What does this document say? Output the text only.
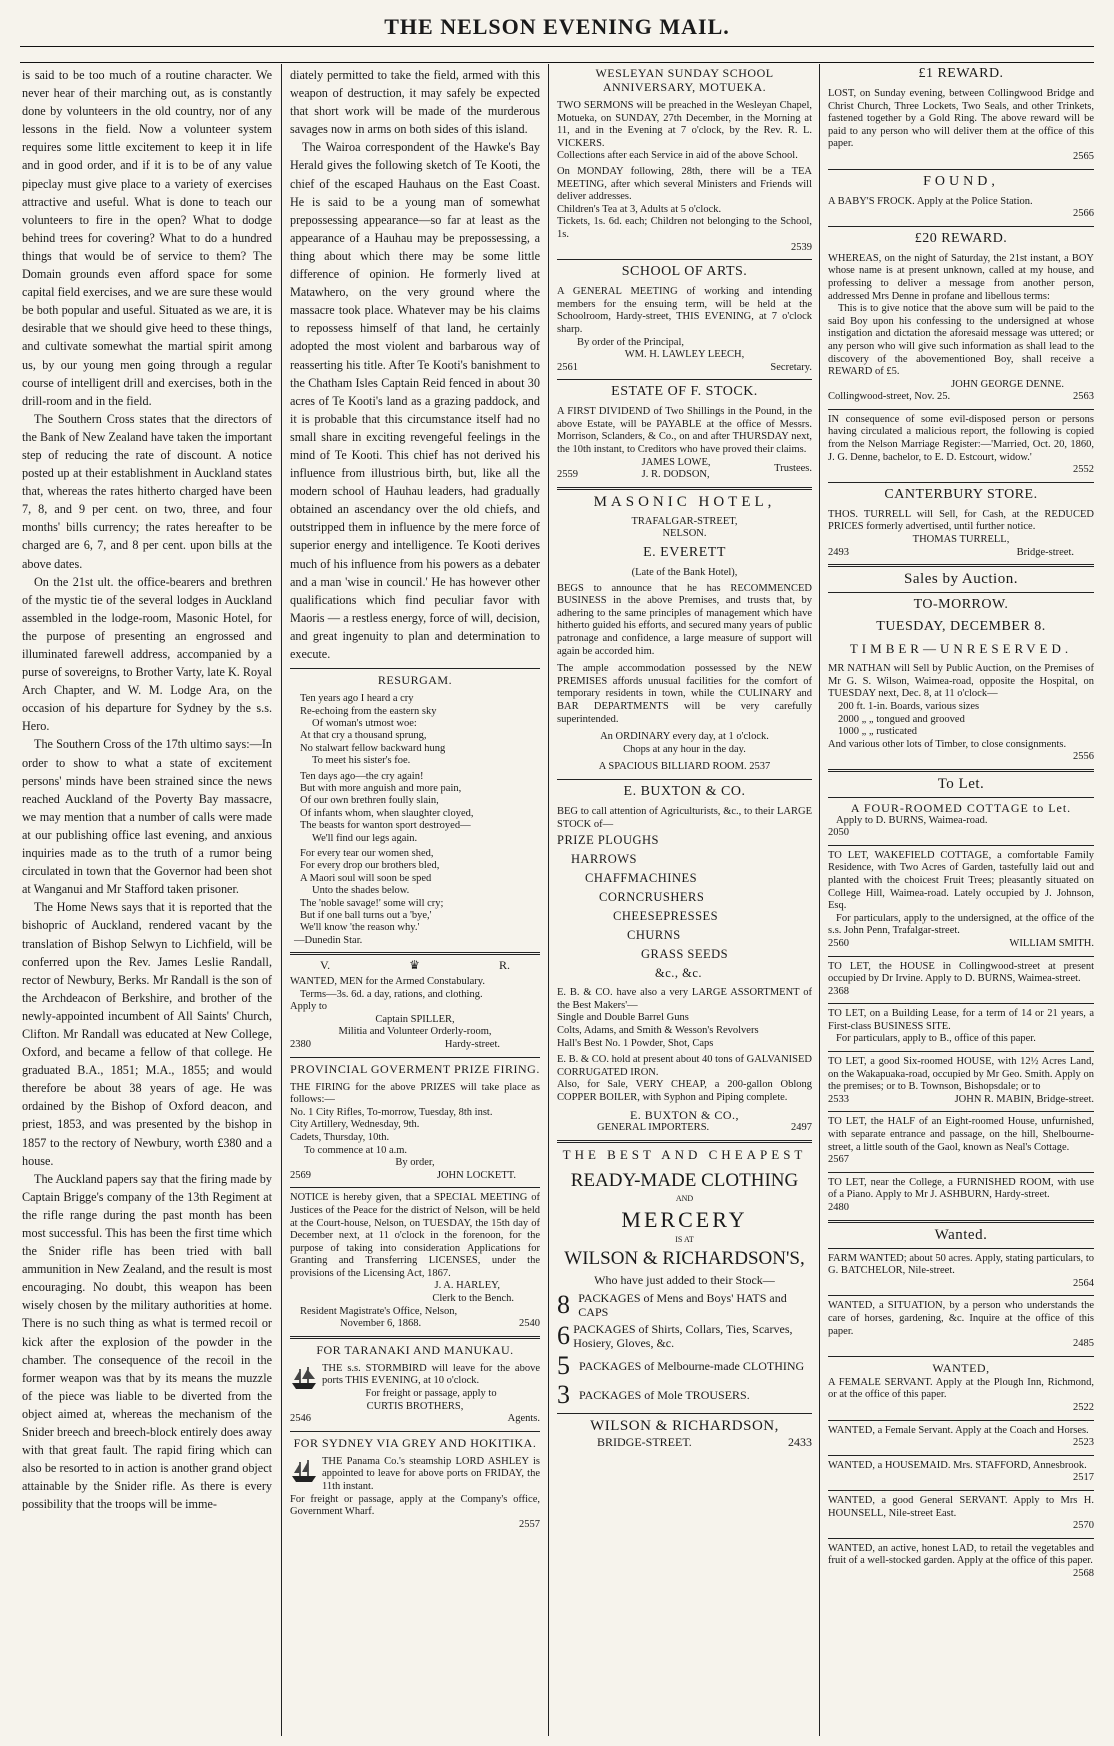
THE NELSON EVENING MAIL.

is said to be too much of a routine character. We never hear of their marching out, as is constantly done by volunteers in the old country, nor of any lessons in the field. Now a volunteer system requires some little excitement to keep it in life and in good order, and if it is to be of any value pipeclay must give place to a variety of exercises attractive and useful. What is done to teach our volunteers to fire in the open? What to dodge behind trees for covering? What to do a hundred things that would be of service to them? The Domain grounds even afford space for some capital field exercises, and we are sure these would be both popular and useful. Situated as we are, it is desirable that we should give heed to these things, and cultivate somewhat the martial spirit among us, by our young men going through a regular course of intelligent drill and exercises, both in the drill-room and in the field.

The Southern Cross states that the directors of the Bank of New Zealand have taken the important step of reducing the rate of discount. A notice posted up at their establishment in Auckland states that, whereas the rates hitherto charged have been 7, 8, and 9 per cent. on two, three, and four months' bills currency; the rates hereafter to be charged are 6, 7, and 8 per cent. upon bills at the above dates.

On the 21st ult. the office-bearers and brethren of the mystic tie of the several lodges in Auckland assembled in the lodge-room, Masonic Hotel, for the purpose of presenting an engrossed and illuminated farewell address, accompanied by a purse of sovereigns, to Brother Varty, late K. Royal Arch Chapter, and W. M. Lodge Ara, on the occasion of his departure for Sydney by the s.s. Hero.

The Southern Cross of the 17th ultimo says:—In order to show to what a state of excitement persons' minds have been strained since the news reached Auckland of the Poverty Bay massacre, we may mention that a number of calls were made at our publishing office last evening, and anxious inquiries made as to the truth of a rumor being circulated in town that the Governor had been shot at Wanganui and Mr Stafford taken prisoner.

The Home News says that it is reported that the bishopric of Auckland, rendered vacant by the translation of Bishop Selwyn to Lichfield, will be conferred upon the Rev. James Leslie Randall, rector of Newbury, Berks. Mr Randall is the son of the Archdeacon of Berkshire, and brother of the newly-appointed incumbent of All Saints' Church, Clifton. Mr Randall was educated at New College, Oxford, and became a fellow of that college. He graduated B.A., 1851; M.A., 1855; and would therefore be about 38 years of age. He was ordained by the Bishop of Oxford deacon, and priest, 1853, and was presented by the bishop in 1857 to the rectory of Newbury, worth £380 and a house.

The Auckland papers say that the firing made by Captain Brigge's company of the 13th Regiment at the rifle range during the past month has been most successful. This has been the first time which the Snider rifle has been tried with ball ammunition in New Zealand, and the result is most encouraging. No doubt, this weapon has been wisely chosen by the military authorities at home. There is no such thing as what is termed recoil or kick after the explosion of the powder in the chamber. The consequence of the recoil in the former weapon was that by its means the muzzle of the piece was liable to be diverted from the object aimed at, whereas the mechanism of the Snider breech and breech-block entirely does away with that great fault. The rapid firing which can also be resorted to in action is another grand object attainable by the Snider rifle. As there is every possibility that the troops will be imme-

diately permitted to take the field, armed with this weapon of destruction, it may safely be expected that short work will be made of the murderous savages now in arms on both sides of this island.

The Wairoa correspondent of the Hawke's Bay Herald gives the following sketch of Te Kooti, the chief of the escaped Hauhaus on the East Coast. He is said to be a young man of somewhat prepossessing appearance—so far at least as the appearance of a Hauhau may be prepossessing, a thing about which there may be some little difference of opinion. He formerly lived at Matawhero, on the very ground where the massacre took place. Whatever may be his claims to repossess himself of that land, he certainly adopted the most violent and barbarous way of reasserting his title. After Te Kooti's banishment to the Chatham Isles Captain Reid fenced in about 30 acres of Te Kooti's land as a grazing paddock, and it is probable that this circumstance itself had no small share in exciting revengeful feelings in the mind of Te Kooti. This chief has not derived his influence from illustrious birth, but, like all the modern school of Hauhau leaders, had gradually obtained an ascendancy over the old chiefs, and outstripped them in influence by the mere force of superior energy and intelligence. Te Kooti derives much of his influence from his powers as a debater and a man 'wise in council.' He has however other qualifications which find peculiar favor with Maoris — a restless energy, force of will, decision, and great ingenuity to plan and determination to execute.

RESURGAM.
Ten years ago I heard a cry
Re-echoing from the eastern sky
Of woman's utmost woe:
At that cry a thousand sprung,
No stalwart fellow backward hung
To meet his sister's foe.
Ten days ago—the cry again!
But with more anguish and more pain,
Of our own brethren foully slain,
Of infants whom, when slaughter cloyed,
The beasts for wanton sport destroyed—
We'll find our legs again.
For every tear our women shed,
For every drop our brothers bled,
A Maori soul will soon be sped
Unto the shades below.
The 'noble savage!' some will cry;
But if one ball turns out a 'bye,'
We'll know 'the reason why.'
—Dunedin Star.
V.	♛	R.

WANTED, MEN for the Armed Constabulary.

Terms—3s. 6d. a day, rations, and clothing.

Apply to

Captain SPILLER,
Militia and Volunteer Orderly-room,
2380	Hardy-street.
PROVINCIAL GOVERMENT PRIZE FIRING.

THE FIRING for the above PRIZES will take place as follows:—

No. 1 City Rifles, To-morrow, Tuesday, 8th inst.
City Artillery, Wednesday, 9th.
Cadets, Thursday, 10th.
To commence at 10 a.m.
By order,
2569	JOHN LOCKETT.

NOTICE is hereby given, that a SPECIAL MEETING of Justices of the Peace for the district of Nelson, will be held at the Court-house, Nelson, on TUESDAY, the 15th day of December next, at 11 o'clock in the forenoon, for the purpose of taking into consideration Applications for Granting and Transferring LICENSES, under the provisions of the Licensing Act, 1867.

J. A. HARLEY,
Clerk to the Bench.
Resident Magistrate's Office, Nelson,
November 6, 1868.	2540
FOR TARANAKI AND MANUKAU.

THE s.s. STORMBIRD will leave for the above ports THIS EVENING, at 10 o'clock.

For freight or passage, apply to
CURTIS BROTHERS,
2546	Agents.
FOR SYDNEY VIA GREY AND HOKITIKA.

THE Panama Co.'s steamship LORD ASHLEY is appointed to leave for above ports on FRIDAY, the 11th instant.

For freight or passage, apply at the Company's office, Government Wharf.

2557
WESLEYAN SUNDAY SCHOOL ANNIVERSARY, MOTUEKA.

TWO SERMONS will be preached in the Wesleyan Chapel, Motueka, on SUNDAY, 27th December, in the Morning at 11, and in the Evening at 7 o'clock, by the Rev. R. L. VICKERS.

Collections after each Service in aid of the above School.

On MONDAY following, 28th, there will be a TEA MEETING, after which several Ministers and Friends will deliver addresses.

Children's Tea at 3, Adults at 5 o'clock.

Tickets, 1s. 6d. each; Children not belonging to the School, 1s.

2539
SCHOOL OF ARTS.

A GENERAL MEETING of working and intending members for the ensuing term, will be held at the Schoolroom, Hardy-street, THIS EVENING, at 7 o'clock sharp.

By order of the Principal,
WM. H. LAWLEY LEECH,
2561	Secretary.
ESTATE OF F. STOCK.

A FIRST DIVIDEND of Two Shillings in the Pound, in the above Estate, will be PAYABLE at the office of Messrs. Morrison, Sclanders, & Co., on and after THURSDAY next, the 10th instant, to Creditors who have proved their claims.

2559
JAMES LOWE,
J. R. DODSON,
Trustees.
MASONIC HOTEL,
TRAFALGAR-STREET,
NELSON.
E. EVERETT
(Late of the Bank Hotel),

BEGS to announce that he has RECOMMENCED BUSINESS in the above Premises, and trusts that, by adhering to the same principles of management which have hitherto guided his efforts, and secured many years of public patronage and confidence, a large measure of support will again be accorded him.

The ample accommodation possessed by the NEW PREMISES affords unusual facilities for the comfort of temporary residents in town, while the CULINARY and BAR DEPARTMENTS will be very carefully superintended.

An ORDINARY every day, at 1 o'clock.
Chops at any hour in the day.
A SPACIOUS BILLIARD ROOM. 2537
E. BUXTON & CO.

BEG to call attention of Agriculturists, &c., to their LARGE STOCK of—

PRIZE PLOUGHS
HARROWS
CHAFFMACHINES
CORNCRUSHERS
CHEESEPRESSES
CHURNS
GRASS SEEDS
&c., &c.

E. B. & CO. have also a very LARGE ASSORTMENT of the Best Makers'—

Single and Double Barrel Guns
Colts, Adams, and Smith & Wesson's Revolvers
Hall's Best No. 1 Powder, Shot, Caps

E. B. & CO. hold at present about 40 tons of GALVANISED CORRUGATED IRON.

Also, for Sale, VERY CHEAP, a 200-gallon Oblong COPPER BOILER, with Syphon and Piping complete.

E. BUXTON & CO.,
GENERAL IMPORTERS.	2497
THE BEST AND CHEAPEST
READY-MADE CLOTHING
AND
MERCERY
IS AT
WILSON & RICHARDSON'S,
Who have just added to their Stock—
8 PACKAGES of Mens and Boys' HATS and CAPS
6 PACKAGES of Shirts, Collars, Ties, Scarves, Hosiery, Gloves, &c.
5 PACKAGES of Melbourne-made CLOTHING
3 PACKAGES of Mole TROUSERS.
WILSON & RICHARDSON,
BRIDGE-STREET.	2433
£1 REWARD.

LOST, on Sunday evening, between Collingwood Bridge and Christ Church, Three Lockets, Two Seals, and other Trinkets, fastened together by a Gold Ring. The above reward will be paid to any person who will deliver them at the office of this paper.

2565
FOUND,

A BABY'S FROCK. Apply at the Police Station.

2566
£20 REWARD.

WHEREAS, on the night of Saturday, the 21st instant, a BOY whose name is at present unknown, called at my house, and professing to deliver a message from another person, addressed Mrs Denne in profane and libellous terms:

This is to give notice that the above sum will be paid to the said Boy upon his confessing to the undersigned at whose instigation and dictation the aforesaid message was uttered; or any person who will give such information as shall lead to the discovery of the abovementioned Boy, shall receive a REWARD of £5.

JOHN GEORGE DENNE.
Collingwood-street, Nov. 25.	2563

IN consequence of some evil-disposed person or persons having circulated a malicious report, the following is copied from the Nelson Marriage Register:—'Married, Oct. 20, 1860, J. G. Denne, bachelor, to E. D. Estcourt, widow.'

2552
CANTERBURY STORE.

THOS. TURRELL will Sell, for Cash, at the REDUCED PRICES formerly advertised, until further notice.

THOMAS TURRELL,
2493	Bridge-street.
Sales by Auction.
TO-MORROW.
TUESDAY, DECEMBER 8.
TIMBER—UNRESERVED.

MR NATHAN will Sell by Public Auction, on the Premises of Mr G. S. Wilson, Waimea-road, opposite the Hospital, on TUESDAY next, Dec. 8, at 11 o'clock—

200 ft. 1-in. Boards, various sizes
2000 „ „ tongued and grooved
1000 „ „ rusticated

And various other lots of Timber, to close consignments.

2556
To Let.

A FOUR-ROOMED COTTAGE to Let.

Apply to D. BURNS, Waimea-road.

2050

TO LET, WAKEFIELD COTTAGE, a comfortable Family Residence, with Two Acres of Garden, tastefully laid out and planted with the choicest Fruit Trees; pleasantly situated on College Hill, Waimea-road. Lately occupied by J. Johnson, Esq.

For particulars, apply to the undersigned, at the office of the s.s. John Penn, Trafalgar-street.

2560	WILLIAM SMITH.

TO LET, the HOUSE in Collingwood-street at present occupied by Dr Irvine. Apply to D. BURNS, Waimea-street.

2368

TO LET, on a Building Lease, for a term of 14 or 21 years, a First-class BUSINESS SITE.

For particulars, apply to B., office of this paper.

TO LET, a good Six-roomed HOUSE, with 12½ Acres Land, on the Wakapuaka-road, occupied by Mr Geo. Smith. Apply on the premises; or to B. Townson, Bishopsdale; or to

2533	JOHN R. MABIN, Bridge-street.

TO LET, the HALF of an Eight-roomed House, unfurnished, with separate entrance and passage, on the hill, Shelbourne-street, a little south of the Gaol, known as Neal's Cottage.

2567

TO LET, near the College, a FURNISHED ROOM, with use of a Piano. Apply to Mr J. ASHBURN, Hardy-street.

2480
Wanted.

FARM WANTED; about 50 acres. Apply, stating particulars, to G. BATCHELOR, Nile-street.

2564

WANTED, a SITUATION, by a person who understands the care of horses, gardening, &c. Inquire at the office of this paper.

2485
WANTED,

A FEMALE SERVANT. Apply at the Plough Inn, Richmond, or at the office of this paper.

2522

WANTED, a Female Servant. Apply at the Coach and Horses.

2523

WANTED, a HOUSEMAID. Mrs. STAFFORD, Annesbrook.

2517

WANTED, a good General SERVANT. Apply to Mrs H. HOUNSELL, Nile-street East.

2570

WANTED, an active, honest LAD, to retail the vegetables and fruit of a well-stocked garden. Apply at the office of this paper.

2568
